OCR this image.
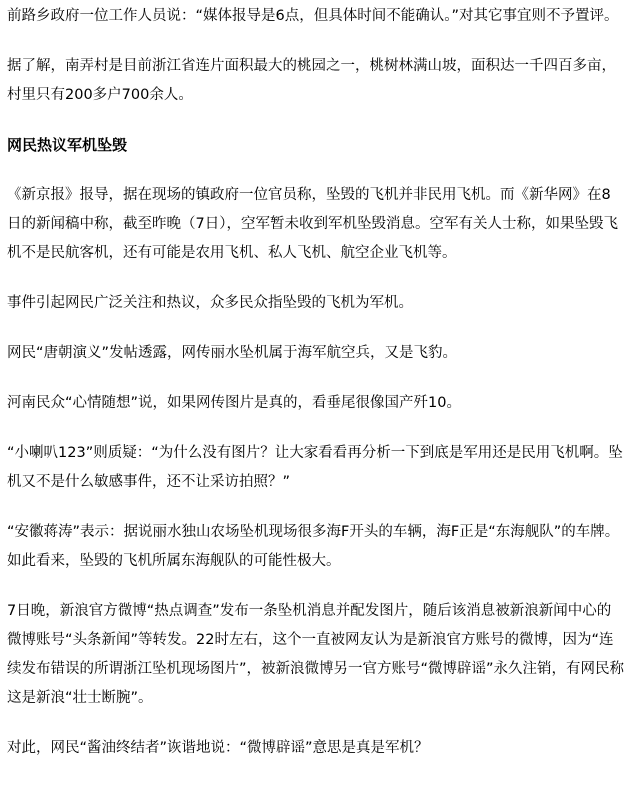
前路乡政府一位工作人员说：“媒体报导是6点，但具体时间不能确认。”对其它事宜则不予置评。

据了解，南弄村是目前浙江省连片面积最大的桃园之一，桃树林满山坡，面积达一千四百多亩，村里只有200多户700余人。

网民热议军机坠毁

《新京报》报导，据在现场的镇政府一位官员称，坠毁的飞机并非民用飞机。而《新华网》在8日的新闻稿中称，截至昨晚（7日），空军暂未收到军机坠毁消息。空军有关人士称，如果坠毁飞机不是民航客机，还有可能是农用飞机、私人飞机、航空企业飞机等。

事件引起网民广泛关注和热议，众多民众指坠毁的飞机为军机。

网民“唐朝演义”发帖透露，网传丽水坠机属于海军航空兵，又是飞豹。

河南民众“心情随想”说，如果网传图片是真的，看垂尾很像国产歼10。

“小喇叭123”则质疑：“为什么没有图片？让大家看看再分析一下到底是军用还是民用飞机啊。坠机又不是什么敏感事件，还不让采访拍照？”

“安徽蒋涛”表示：据说丽水独山农场坠机现场很多海F开头的车辆，海F正是“东海舰队”的车牌。如此看来，坠毁的飞机所属东海舰队的可能性极大。

7日晚，新浪官方微博“热点调查”发布一条坠机消息并配发图片，随后该消息被新浪新闻中心的微博账号“头条新闻”等转发。22时左右，这个一直被网友认为是新浪官方账号的微博，因为“连续发布错误的所谓浙江坠机现场图片”，被新浪微博另一官方账号“微博辟谣”永久注销，有网民称这是新浪“壮士断腕”。

对此，网民“酱油终结者”诙谐地说：“微博辟谣”意思是真是军机？
